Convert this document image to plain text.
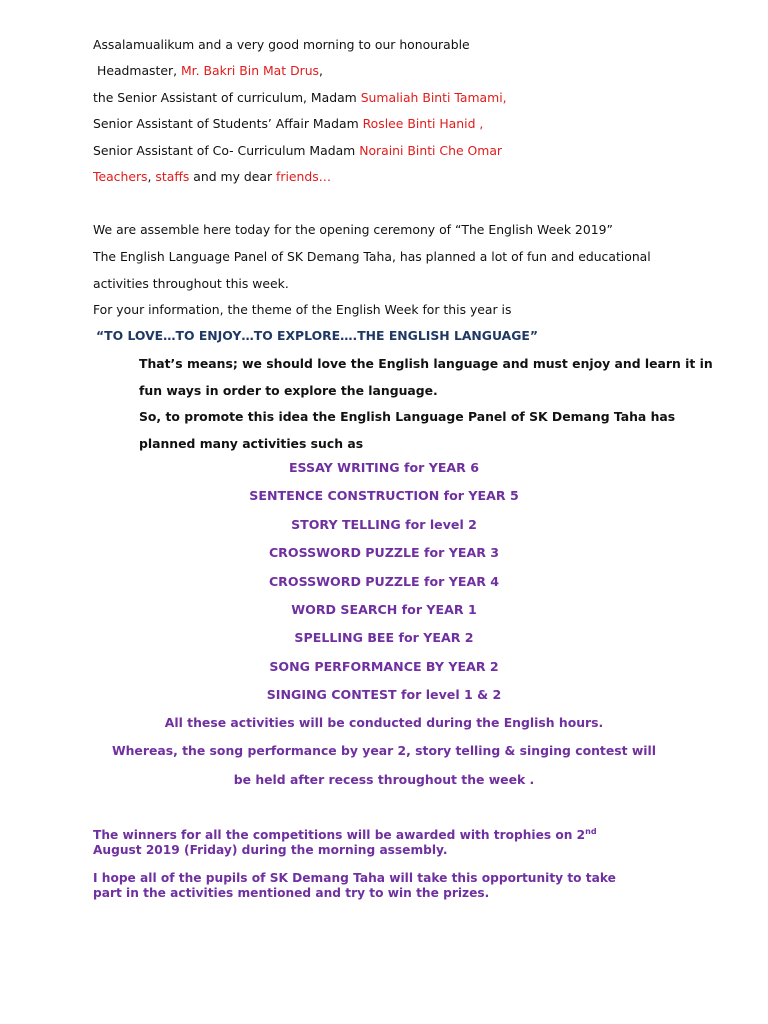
Assalamualikum and a very good morning to our honourable
Headmaster, Mr. Bakri Bin Mat Drus,
the Senior Assistant of curriculum, Madam Sumaliah Binti Tamami,
Senior Assistant of Students’ Affair Madam Roslee Binti Hanid ,
Senior Assistant of Co- Curriculum Madam Noraini Binti Che Omar
Teachers, staffs and my dear friends…
We are assemble here today for the opening ceremony of “The English Week 2019”
The English Language Panel of SK Demang Taha, has planned a lot of fun and educational
activities throughout this week.
For your information, the theme of the English Week for this year is
“TO LOVE…TO ENJOY…TO EXPLORE….THE ENGLISH LANGUAGE”
That’s means; we should love the English language and must enjoy and learn it in
fun ways in order to explore the language.
So, to promote this idea the English Language Panel of SK Demang Taha has
planned many activities such as
ESSAY WRITING for YEAR 6
SENTENCE CONSTRUCTION for YEAR 5
STORY TELLING for level 2
CROSSWORD PUZZLE for YEAR 3
CROSSWORD PUZZLE for YEAR 4
WORD SEARCH for YEAR 1
SPELLING BEE for YEAR 2
SONG PERFORMANCE BY YEAR 2
SINGING CONTEST for level 1 & 2
All these activities will be conducted during the English hours.
Whereas, the song performance by year 2, story telling & singing contest will
be held after recess throughout the week .
The winners for all the competitions will be awarded with trophies on 2nd
August 2019 (Friday) during the morning assembly.
I hope all of the pupils of SK Demang Taha will take this opportunity to take
part in the activities mentioned and try to win the prizes.
